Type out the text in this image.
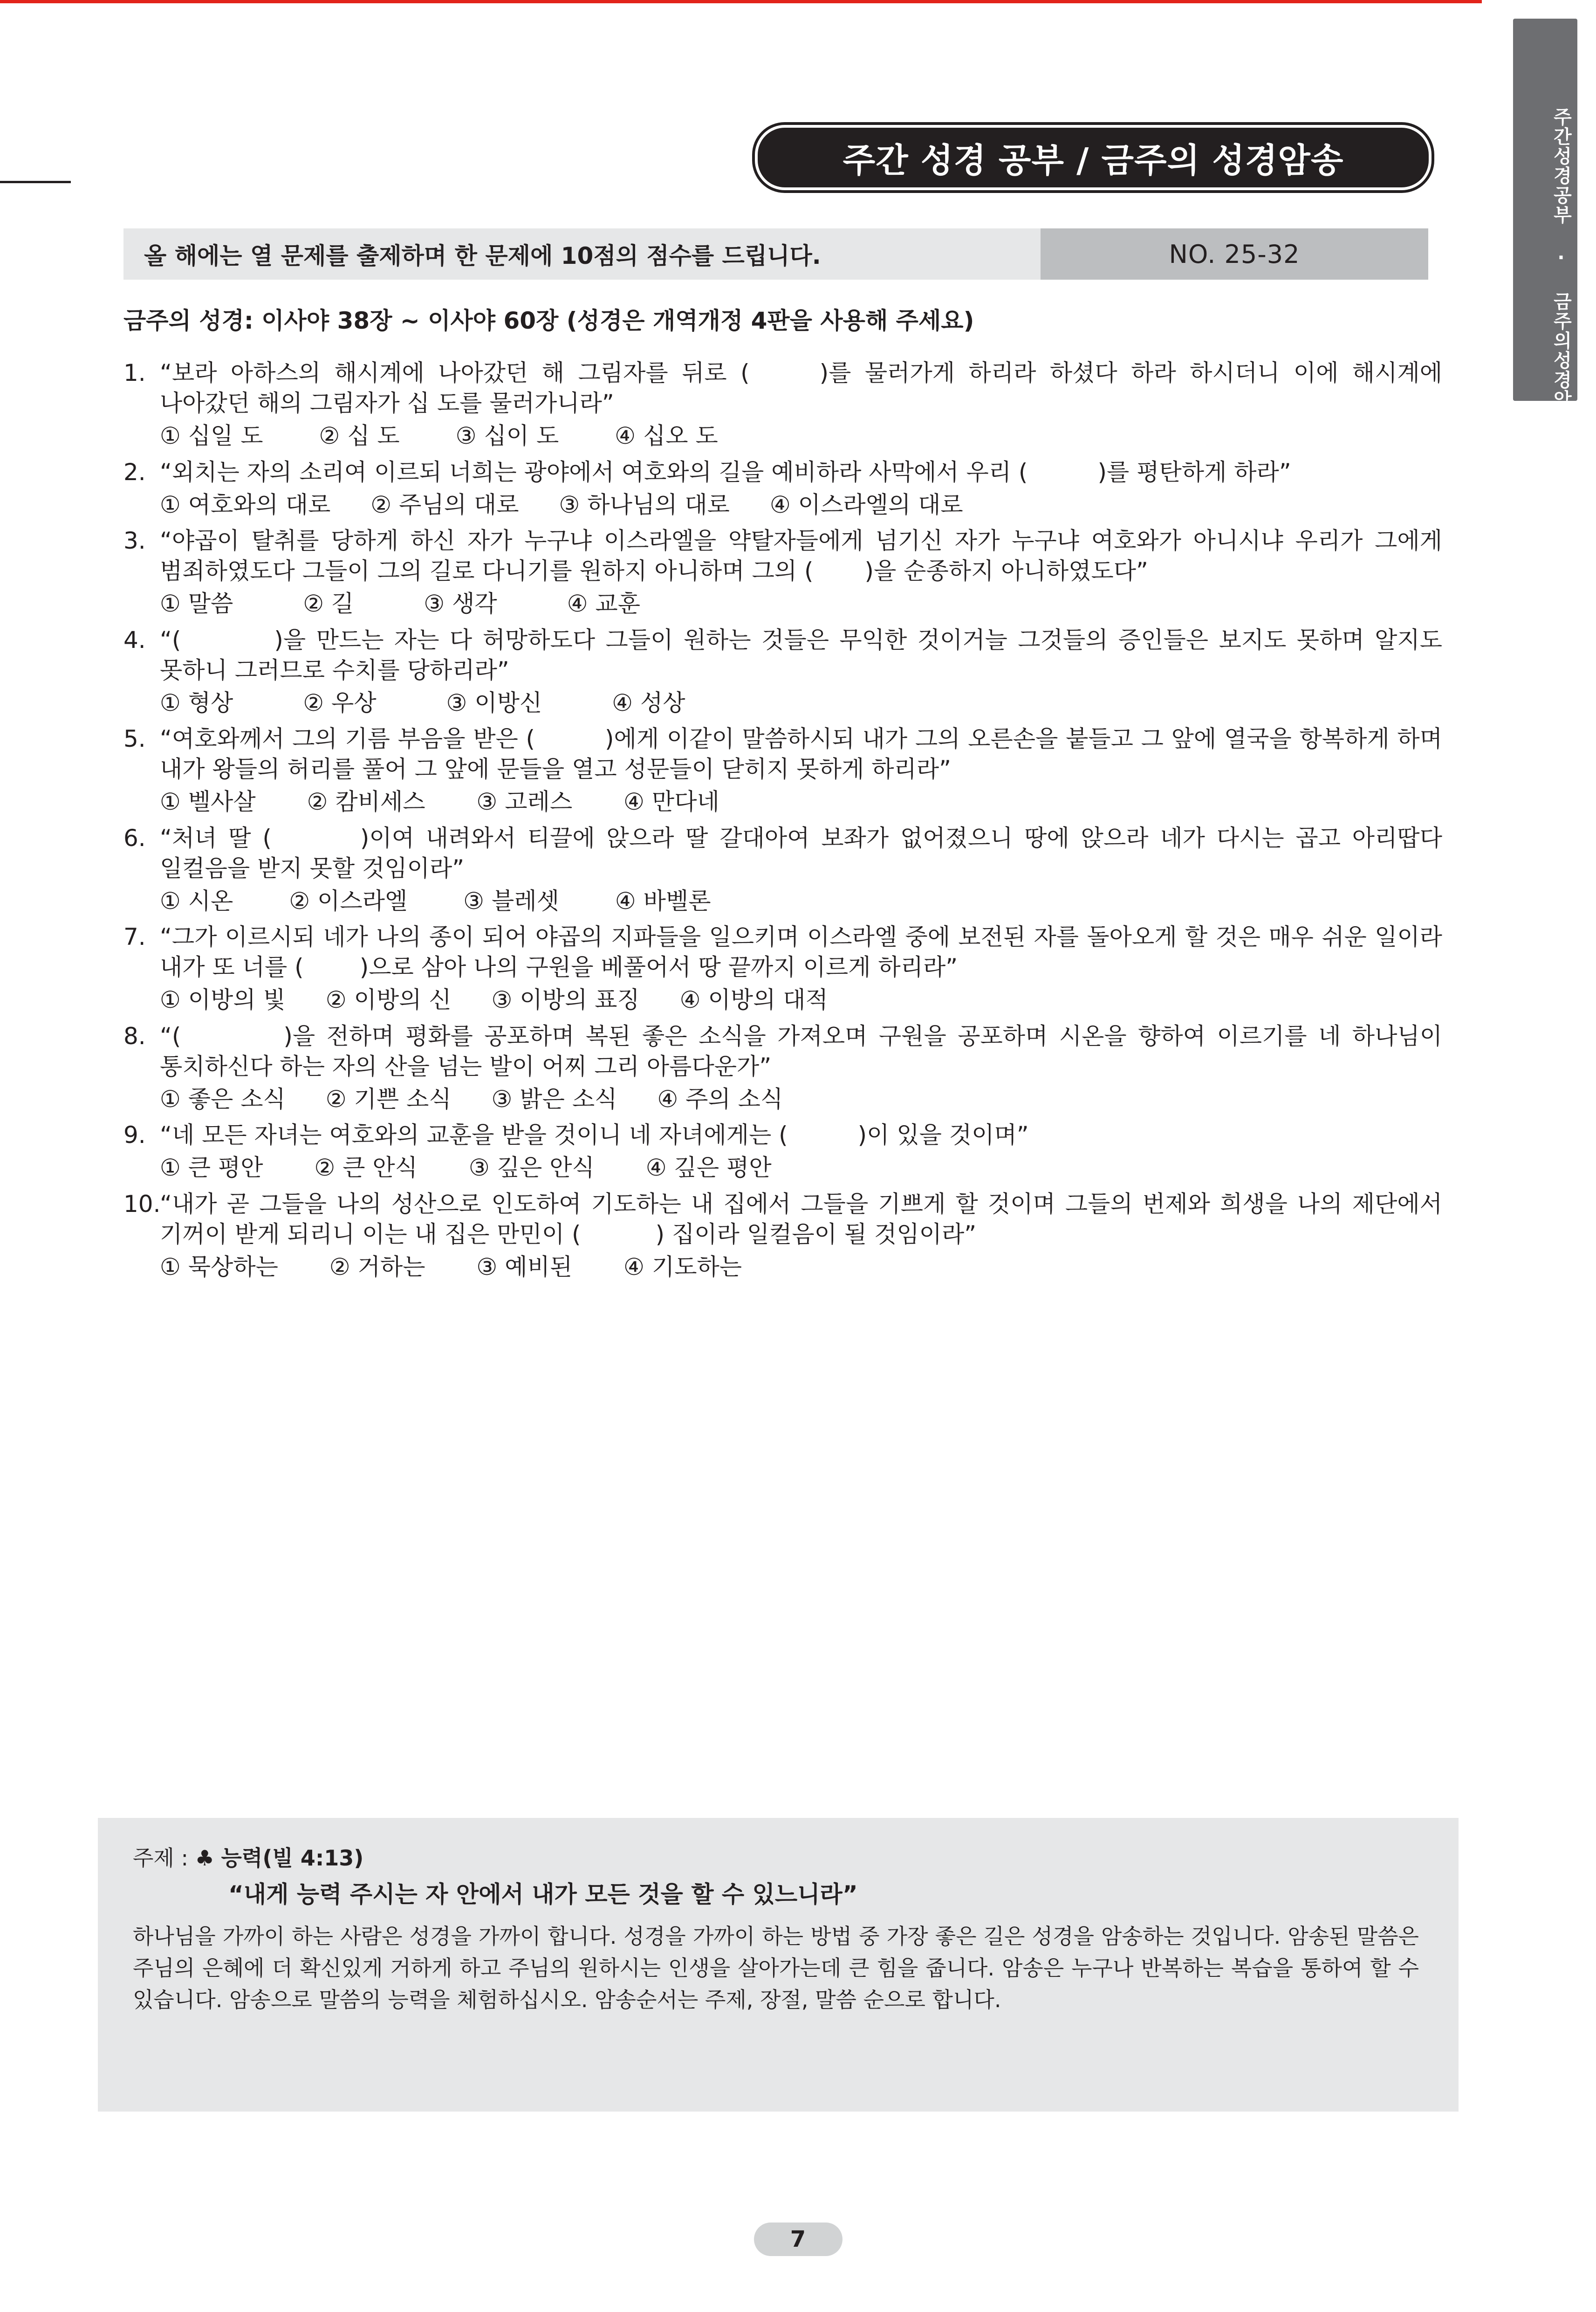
주간성경공부 · 금주의성경암송
주간 성경 공부 / 금주의 성경암송
올 해에는 열 문제를 출제하며 한 문제에 10점의 점수를 드립니다.	NO. 25-32
금주의 성경: 이사야 38장 ~ 이사야 60장 (성경은 개역개정 4판을 사용해 주세요)
1. “보라 아하스의 해시계에 나아갔던 해 그림자를 뒤로 (	)를 물러가게 하리라 하셨다 하라 하시더니 이에 해시계에 나아갔던 해의 그림자가 십 도를 물러가니라”
① 십일 도 ② 십 도 ③ 십이 도 ④ 십오 도
2. “외치는 자의 소리여 이르되 너희는 광야에서 여호와의 길을 예비하라 사막에서 우리 (	)를 평탄하게 하라”
① 여호와의 대로 ② 주님의 대로 ③ 하나님의 대로 ④ 이스라엘의 대로
3. “야곱이 탈취를 당하게 하신 자가 누구냐 이스라엘을 약탈자들에게 넘기신 자가 누구냐 여호와가 아니시냐 우리가 그에게 범죄하였도다 그들이 그의 길로 다니기를 원하지 아니하며 그의 ( )을 순종하지 아니하였도다”
① 말씀	② 길	③ 생각	④ 교훈
4. “(	)을 만드는 자는 다 허망하도다 그들이 원하는 것들은 무익한 것이거늘 그것들의 증인들은 보지도 못하며 알지도 못하니 그러므로 수치를 당하리라”
① 형상	② 우상	③ 이방신	④ 성상
5. “여호와께서 그의 기름 부음을 받은 (	)에게 이같이 말씀하시되 내가 그의 오른손을 붙들고 그 앞에 열국을 항복하게 하며 내가 왕들의 허리를 풀어 그 앞에 문들을 열고 성문들이 닫히지 못하게 하리라”
① 벨사살 ② 캄비세스 ③ 고레스 ④ 만다네
6. “처녀 딸 (	)이여 내려와서 티끌에 앉으라 딸 갈대아여 보좌가 없어졌으니 땅에 앉으라 네가 다시는 곱고 아리땁다 일컬음을 받지 못할 것임이라”
① 시온 ② 이스라엘 ③ 블레셋 ④ 바벨론
7. “그가 이르시되 네가 나의 종이 되어 야곱의 지파들을 일으키며 이스라엘 중에 보전된 자를 돌아오게 할 것은 매우 쉬운 일이라 내가 또 너를 ( )으로 삼아 나의 구원을 베풀어서 땅 끝까지 이르게 하리라”
① 이방의 빛 ② 이방의 신 ③ 이방의 표징 ④ 이방의 대적
8. “(	)을 전하며 평화를 공포하며 복된 좋은 소식을 가져오며 구원을 공포하며 시온을 향하여 이르기를 네 하나님이 통치하신다 하는 자의 산을 넘는 발이 어찌 그리 아름다운가”
① 좋은 소식 ② 기쁜 소식 ③ 밝은 소식 ④ 주의 소식
9. “네 모든 자녀는 여호와의 교훈을 받을 것이니 네 자녀에게는 (	)이 있을 것이며”
① 큰 평안 ② 큰 안식 ③ 깊은 안식 ④ 깊은 평안
10.
“내가 곧 그들을 나의 성산으로 인도하여 기도하는 내 집에서 그들을 기쁘게 할 것이며 그들의 번제와 희생을 나의 제단에서 기꺼이 받게 되리니 이는 내 집은 만민이 (	) 집이라 일컬음이 될 것임이라”
① 묵상하는 ② 거하는 ③ 예비된 ④ 기도하는
주제 : ♣ 능력(빌 4:13)
“내게 능력 주시는 자 안에서 내가 모든 것을 할 수 있느니라”
하나님을 가까이 하는 사람은 성경을 가까이 합니다. 성경을 가까이 하는 방법 중 가장 좋은 길은 성경을 암송하는 것입니다. 암송된 말씀은 주님의 은혜에 더 확신있게 거하게 하고 주님의 원하시는 인생을 살아가는데 큰 힘을 줍니다. 암송은 누구나 반복하는 복습을 통하여 할 수 있습니다. 암송으로 말씀의 능력을 체험하십시오. 암송순서는 주제, 장절, 말씀 순으로 합니다.
7
